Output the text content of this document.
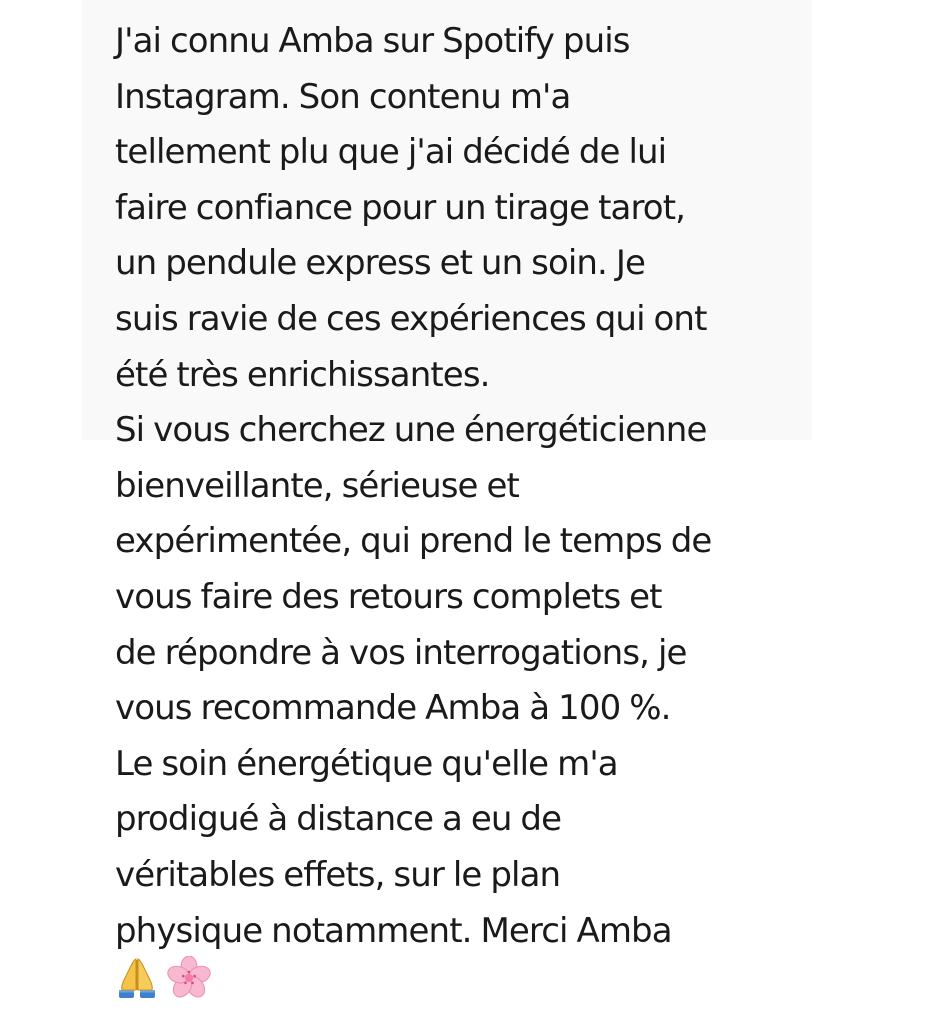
J'ai connu Amba sur Spotify puis
Instagram. Son contenu m'a
tellement plu que j'ai décidé de lui
faire confiance pour un tirage tarot,
un pendule express et un soin. Je
suis ravie de ces expériences qui ont
été très enrichissantes.
Si vous cherchez une énergéticienne
bienveillante, sérieuse et
expérimentée, qui prend le temps de
vous faire des retours complets et
de répondre à vos interrogations, je
vous recommande Amba à 100 %.
Le soin énergétique qu'elle m'a
prodigué à distance a eu de
véritables effets, sur le plan
physique notamment. Merci Amba
